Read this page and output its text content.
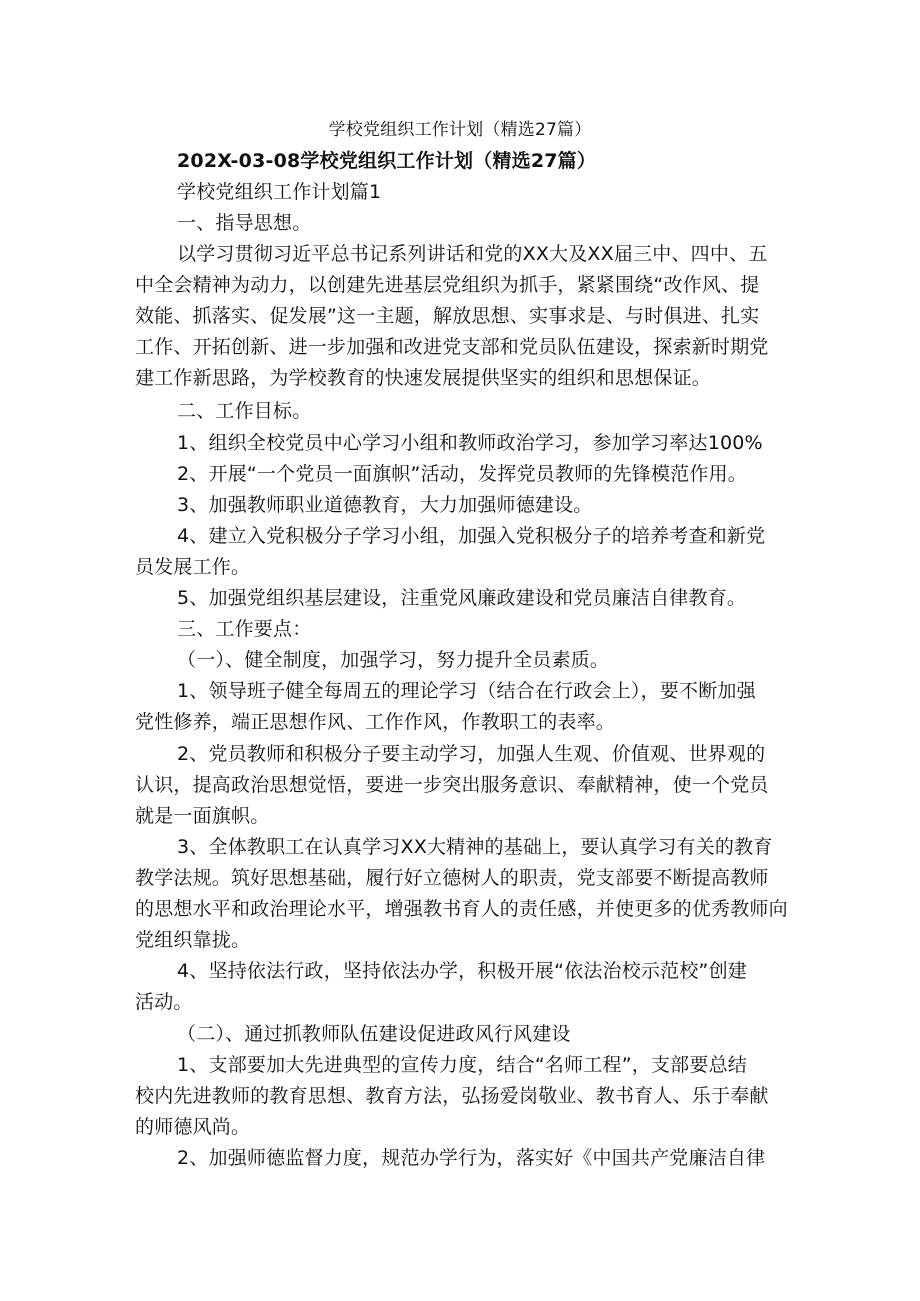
学校党组织工作计划（精选27篇）
202X-03-08学校党组织工作计划（精选27篇）
学校党组织工作计划篇1
一、指导思想。
以学习贯彻习近平总书记系列讲话和党的XX大及XX届三中、四中、五
中全会精神为动力，以创建先进基层党组织为抓手，紧紧围绕“改作风、提
效能、抓落实、促发展”这一主题，解放思想、实事求是、与时俱进、扎实
工作、开拓创新、进一步加强和改进党支部和党员队伍建设，探索新时期党
建工作新思路，为学校教育的快速发展提供坚实的组织和思想保证。
二、工作目标。
1、组织全校党员中心学习小组和教师政治学习，参加学习率达100%
2、开展“一个党员一面旗帜”活动，发挥党员教师的先锋模范作用。
3、加强教师职业道德教育，大力加强师德建设。
4、建立入党积极分子学习小组，加强入党积极分子的培养考查和新党
员发展工作。
5、加强党组织基层建设，注重党风廉政建设和党员廉洁自律教育。
三、工作要点：
（一）、健全制度，加强学习，努力提升全员素质。
1、领导班子健全每周五的理论学习（结合在行政会上），要不断加强
党性修养，端正思想作风、工作作风，作教职工的表率。
2、党员教师和积极分子要主动学习，加强人生观、价值观、世界观的
认识，提高政治思想觉悟，要进一步突出服务意识、奉献精神，使一个党员
就是一面旗帜。
3、全体教职工在认真学习XX大精神的基础上，要认真学习有关的教育
教学法规。筑好思想基础，履行好立德树人的职责，党支部要不断提高教师
的思想水平和政治理论水平，增强教书育人的责任感，并使更多的优秀教师向
党组织靠拢。
4、坚持依法行政，坚持依法办学，积极开展“依法治校示范校”创建
活动。
（二）、通过抓教师队伍建设促进政风行风建设
1、支部要加大先进典型的宣传力度，结合“名师工程”，支部要总结
校内先进教师的教育思想、教育方法，弘扬爱岗敬业、教书育人、乐于奉献
的师德风尚。
2、加强师德监督力度，规范办学行为，落实好《中国共产党廉洁自律
